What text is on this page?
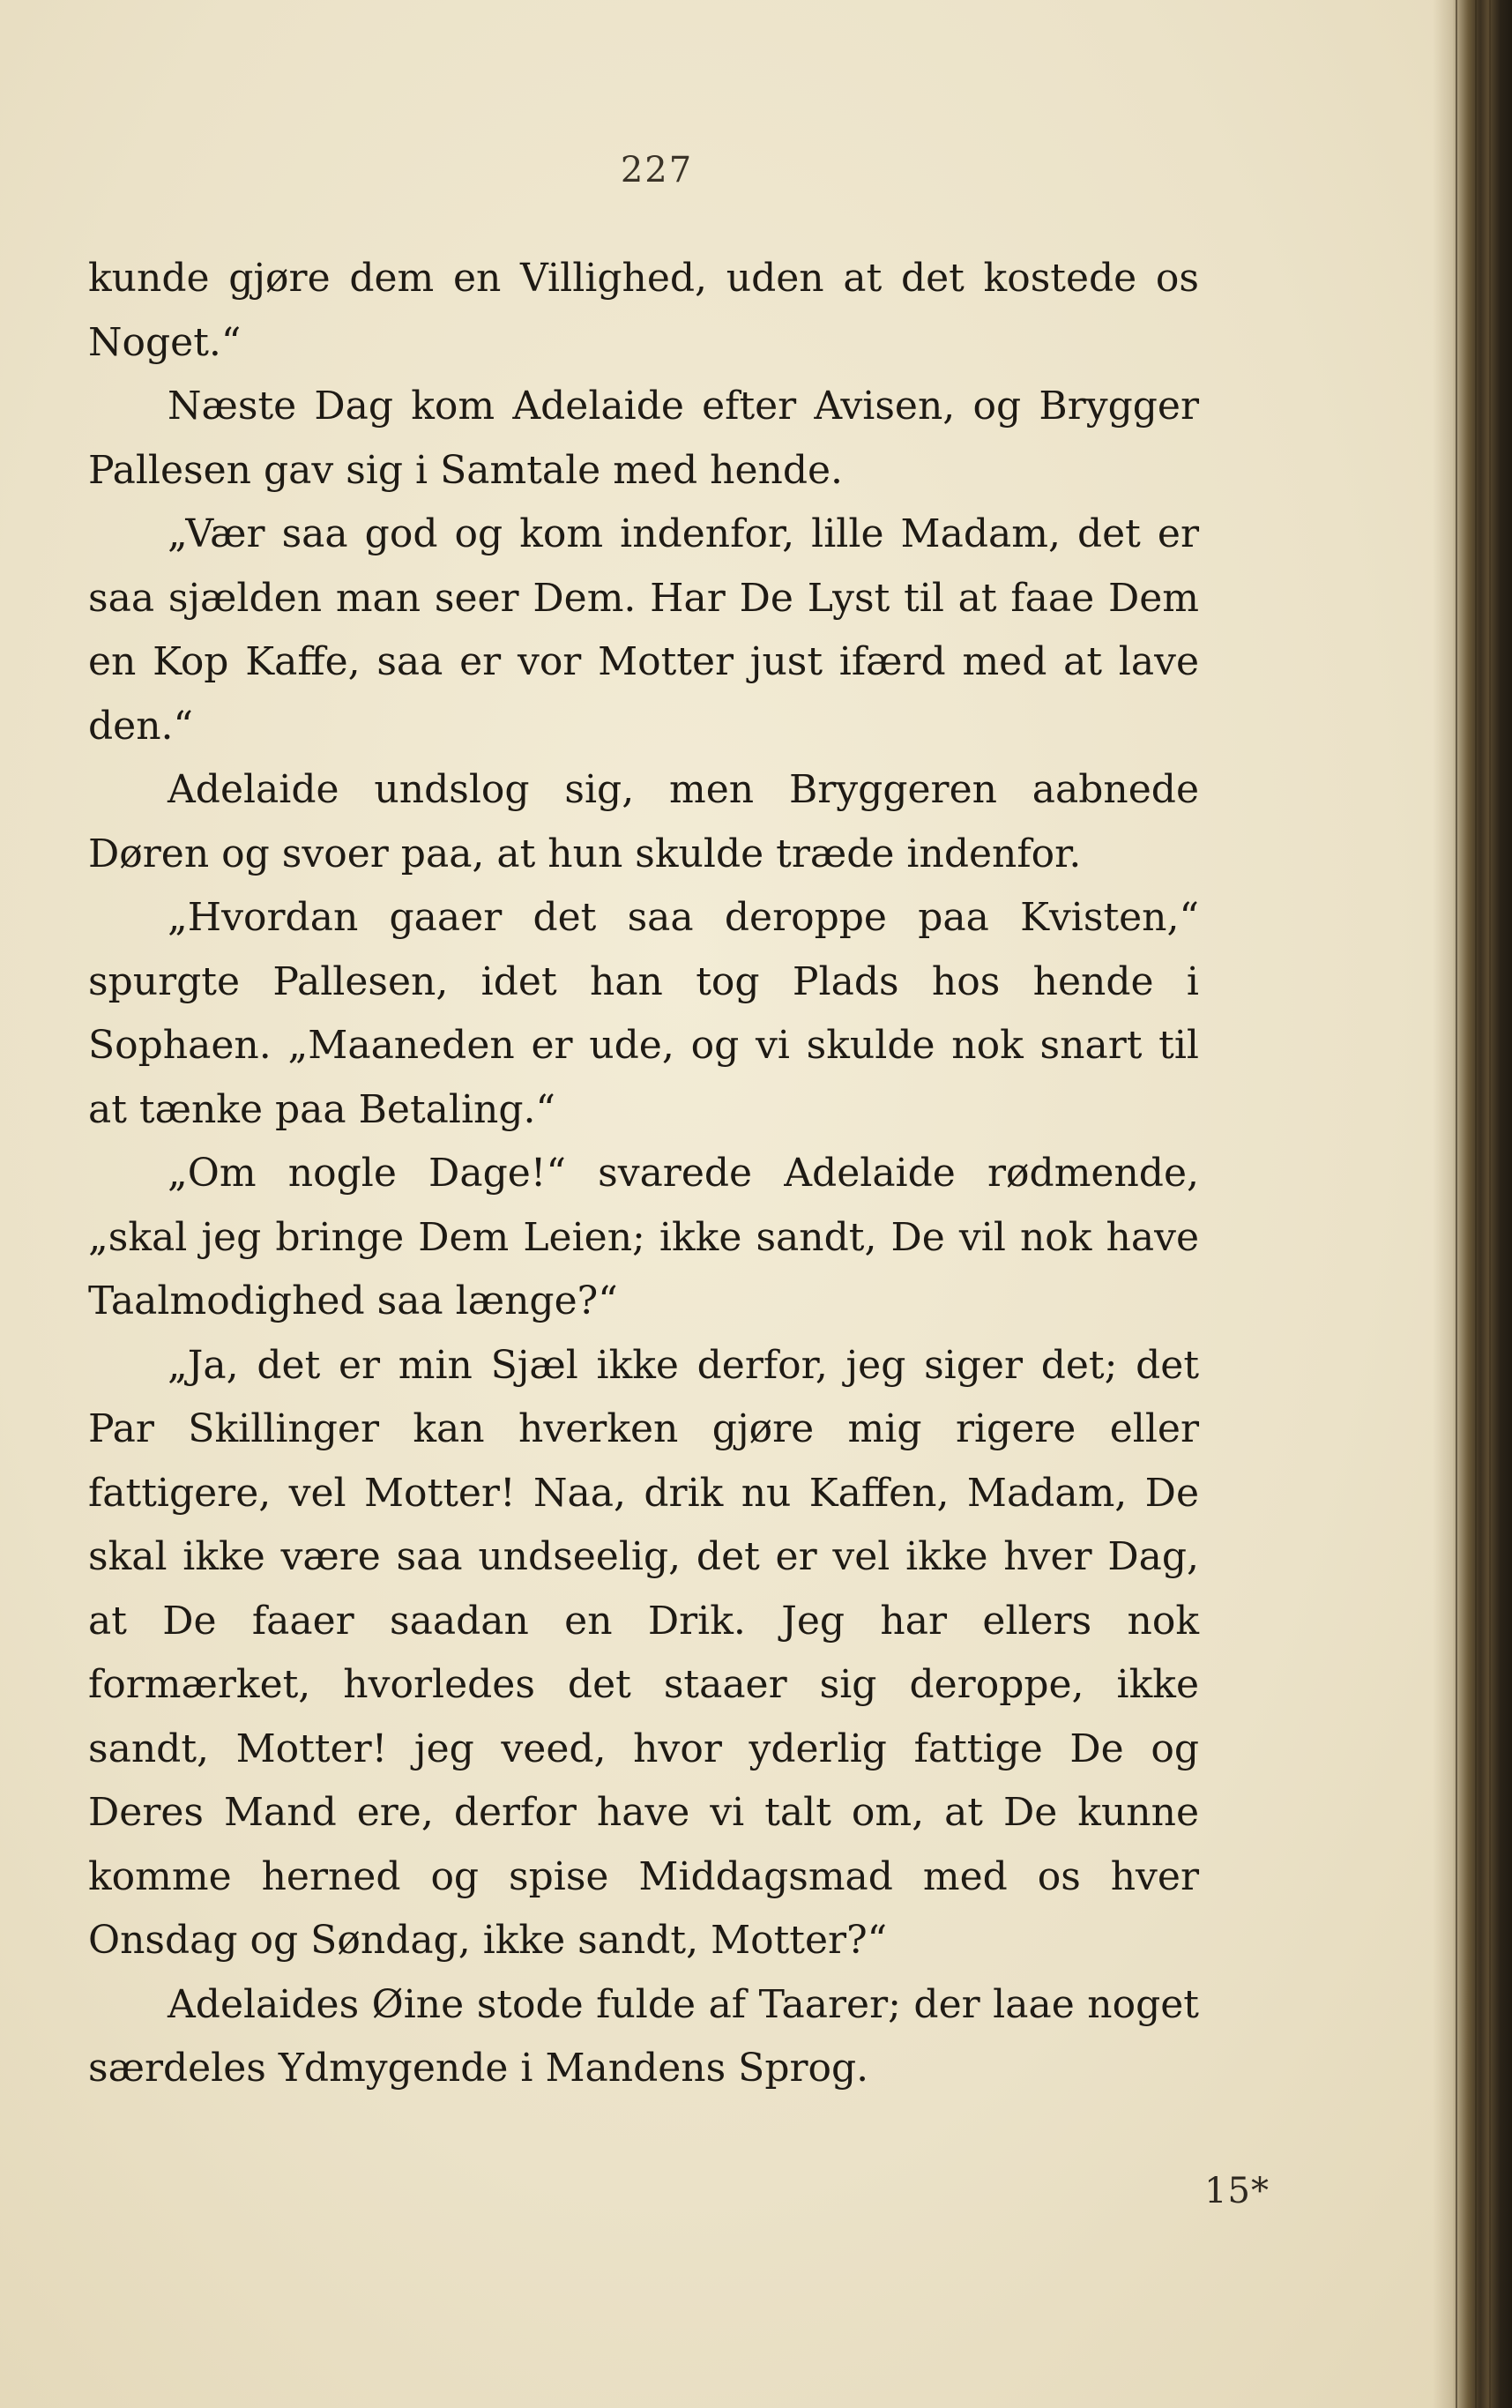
227

kunde gjøre dem en Villighed, uden at det kostede os Noget.“

Næste Dag kom Adelaide efter Avisen, og Brygger Pallesen gav sig i Samtale med hende.

„Vær saa god og kom indenfor, lille Madam, det er saa sjælden man seer Dem. Har De Lyst til at faae Dem en Kop Kaffe, saa er vor Motter just ifærd med at lave den.“

Adelaide undslog sig, men Bryggeren aabnede Døren og svoer paa, at hun skulde træde indenfor.

„Hvordan gaaer det saa deroppe paa Kvisten,“ spurgte Pallesen, idet han tog Plads hos hende i Sophaen. „Maaneden er ude, og vi skulde nok snart til at tænke paa Betaling.“

„Om nogle Dage!“ svarede Adelaide rødmende, „skal jeg bringe Dem Leien; ikke sandt, De vil nok have Taalmodighed saa længe?“

„Ja, det er min Sjæl ikke derfor, jeg siger det; det Par Skillinger kan hverken gjøre mig rigere eller fattigere, vel Motter! Naa, drik nu Kaffen, Madam, De skal ikke være saa undseelig, det er vel ikke hver Dag, at De faaer saadan en Drik. Jeg har ellers nok formærket, hvorledes det staaer sig deroppe, ikke sandt, Motter! jeg veed, hvor yderlig fattige De og Deres Mand ere, derfor have vi talt om, at De kunne komme herned og spise Middagsmad med os hver Onsdag og Søndag, ikke sandt, Motter?“

Adelaides Øine stode fulde af Taarer; der laae noget særdeles Ydmygende i Mandens Sprog.

15*
